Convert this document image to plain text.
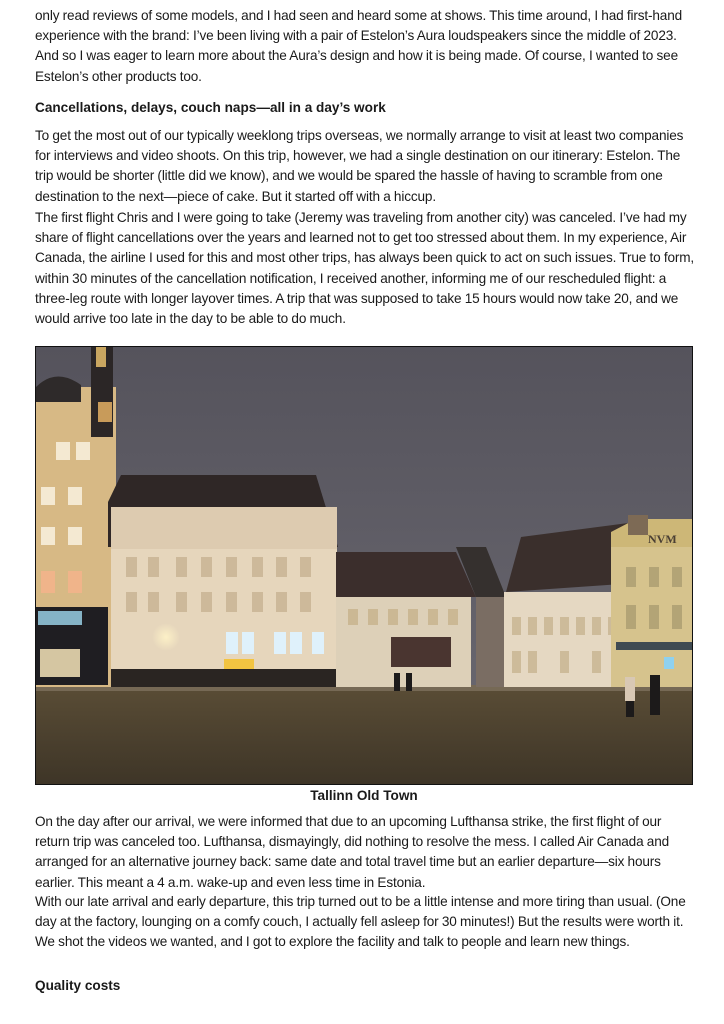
only read reviews of some models, and I had seen and heard some at shows. This time around, I had first-hand experience with the brand: I’ve been living with a pair of Estelon’s Aura loudspeakers since the middle of 2023. And so I was eager to learn more about the Aura’s design and how it is being made. Of course, I wanted to see Estelon’s other products too.

Cancellations, delays, couch naps—all in a day’s work

To get the most out of our typically weeklong trips overseas, we normally arrange to visit at least two companies for interviews and video shoots. On this trip, however, we had a single destination on our itinerary: Estelon. The trip would be shorter (little did we know), and we would be spared the hassle of having to scramble from one destination to the next—piece of cake. But it started off with a hiccup.

The first flight Chris and I were going to take (Jeremy was traveling from another city) was canceled. I’ve had my share of flight cancellations over the years and learned not to get too stressed about them. In my experience, Air Canada, the airline I used for this and most other trips, has always been quick to act on such issues. True to form, within 30 minutes of the cancellation notification, I received another, informing me of our rescheduled flight: a three-leg route with longer layover times. A trip that was supposed to take 15 hours would now take 20, and we would arrive too late in the day to be able to do much.

NVM
Tallinn Old Town

On the day after our arrival, we were informed that due to an upcoming Lufthansa strike, the first flight of our return trip was canceled too. Lufthansa, dismayingly, did nothing to resolve the mess. I called Air Canada and arranged for an alternative journey back: same date and total travel time but an earlier departure—six hours earlier. This meant a 4 a.m. wake-up and even less time in Estonia.

With our late arrival and early departure, this trip turned out to be a little intense and more tiring than usual. (One day at the factory, lounging on a comfy couch, I actually fell asleep for 30 minutes!) But the results were worth it. We shot the videos we wanted, and I got to explore the facility and talk to people and learn new things.

Quality costs
